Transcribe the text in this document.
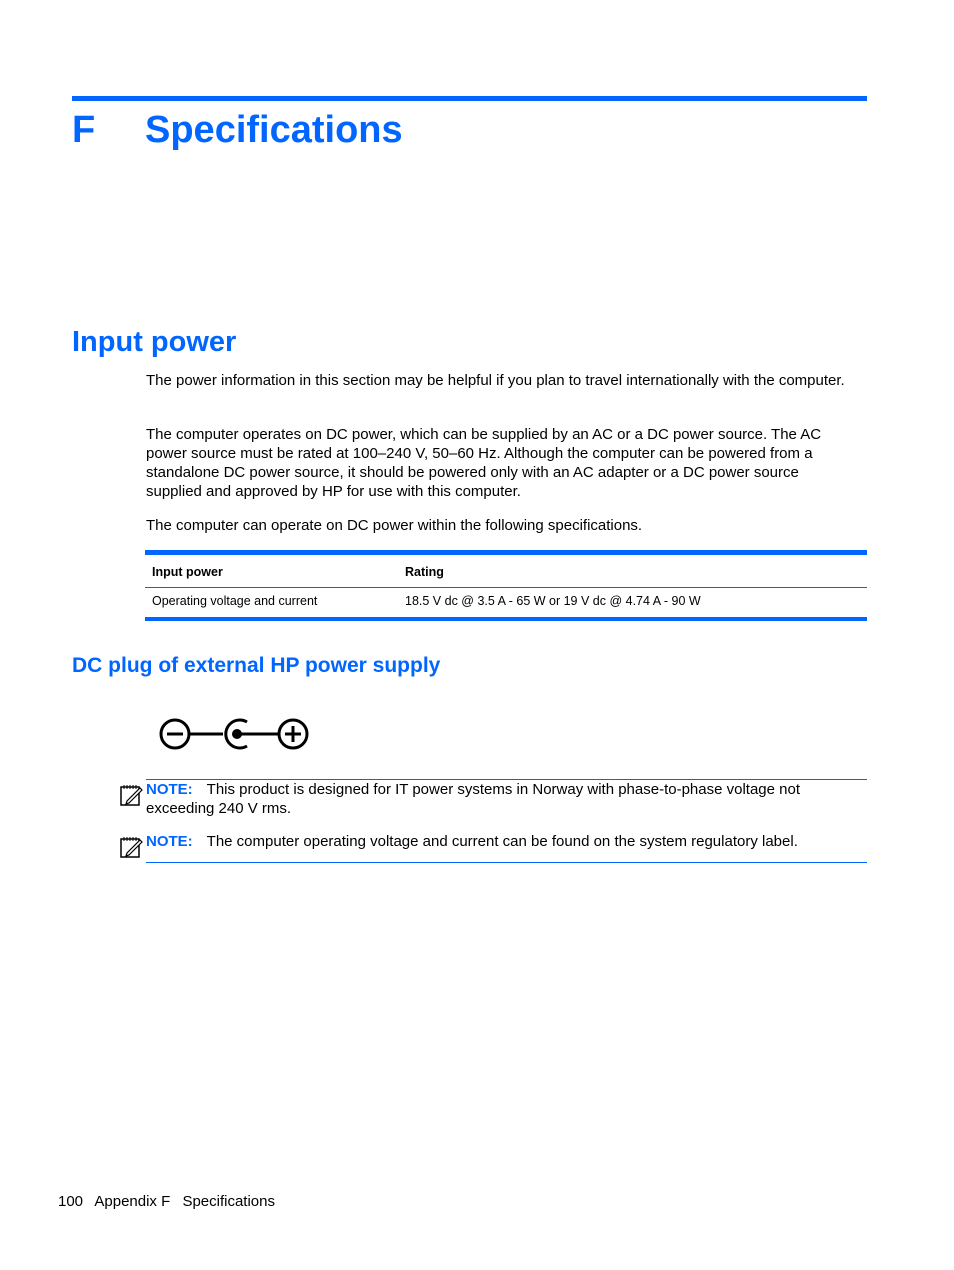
F Specifications
Input power

The power information in this section may be helpful if you plan to travel internationally with the computer.

The computer operates on DC power, which can be supplied by an AC or a DC power source. The AC power source must be rated at 100–240 V, 50–60 Hz. Although the computer can be powered from a standalone DC power source, it should be powered only with an AC adapter or a DC power source supplied and approved by HP for use with this computer.

The computer can operate on DC power within the following specifications.

Input power	Rating
Operating voltage and current	18.5 V dc @ 3.5 A - 65 W or 19 V dc @ 4.74 A - 90 W
DC plug of external HP power supply
NOTE: This product is designed for IT power systems in Norway with phase-to-phase voltage not exceeding 240 V rms.
NOTE: The computer operating voltage and current can be found on the system regulatory label.
100 Appendix F Specifications
